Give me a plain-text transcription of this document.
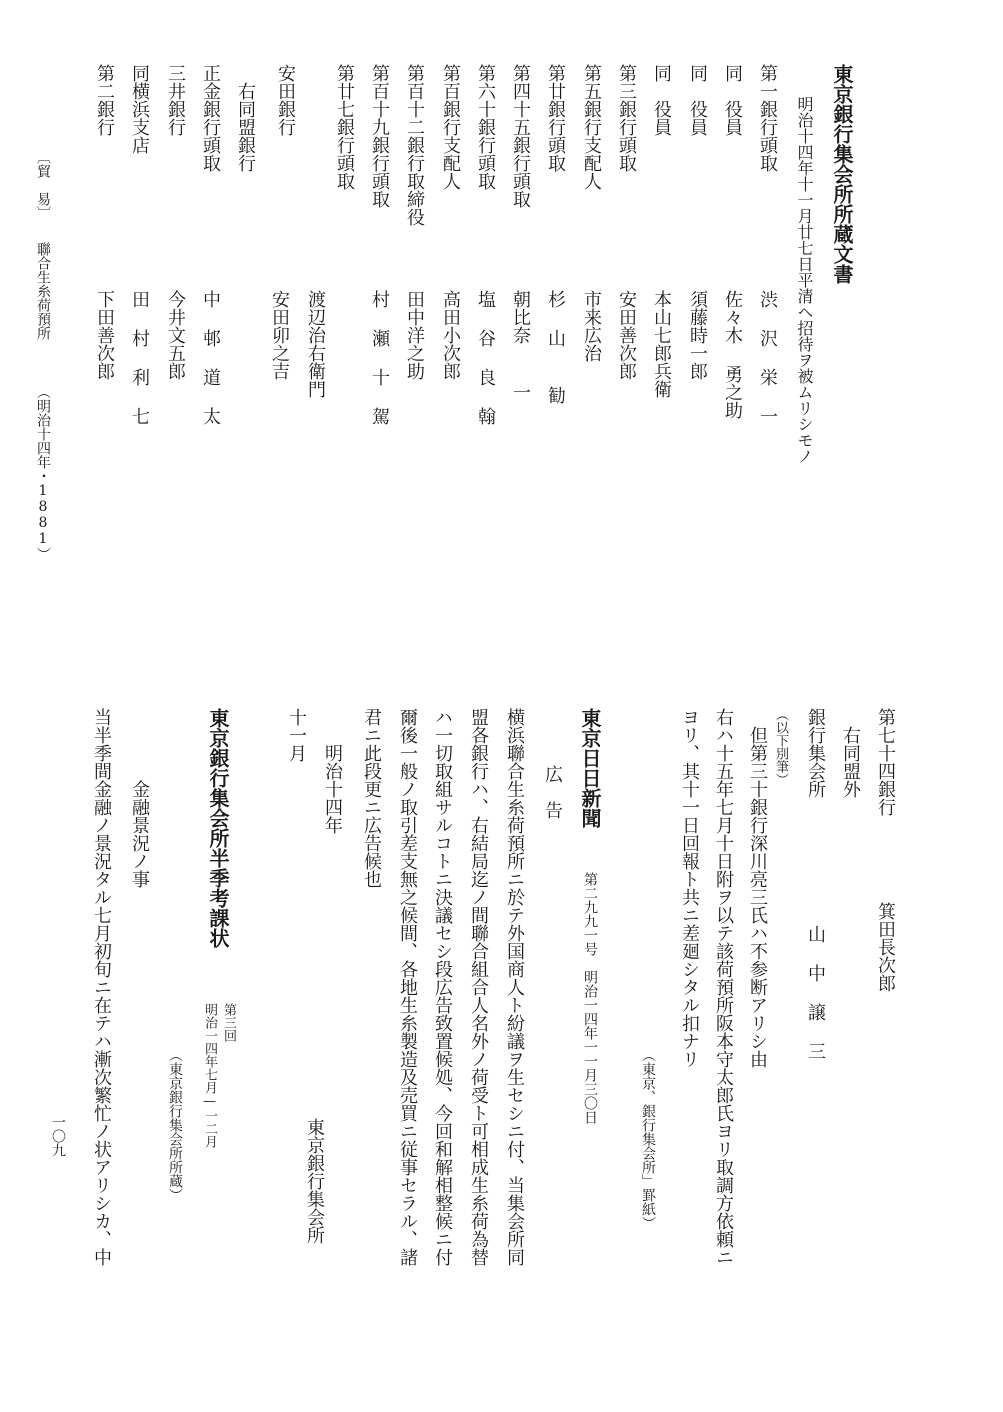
〔貿　易〕
聯合生糸荷預所
（明治十四年・1881）
一〇九
東京銀行集会所所蔵文書
明治十四年十一月廿七日平清ヘ招待ヲ被ムリシモノ
第一銀行頭取
同　役員
同　役員
同　役員
第三銀行頭取
第五銀行支配人
第廿銀行頭取
第四十五銀行頭取
第六十銀行頭取
第百銀行支配人
第百十二銀行取締役
第百十九銀行頭取
第廿七銀行頭取
安田銀行
　右同盟銀行
正金銀行頭取
三井銀行
同横浜支店
第二銀行
渋 沢 栄 一
佐々木 勇之助
須藤時一郎
本山七郎兵衛
安田善次郎
市来広治
杉 山 　勧
朝比奈 　一
塩 谷 良 翰
高田小次郎
田中洋之助
村 瀬 十 駕
渡辺治右衛門
安田卯之吉
中 邨 道 太
今井文五郎
田 村 利 七
下田善次郎
第七十四銀行
　右同盟外
箕田長次郎
銀行集会所
山 中 譲 三
（以下別筆）
　但第三十銀行深川亮三氏ハ不参断アリシ由
右ハ十五年七月十日附ヲ以テ該荷預所阪本守太郎氏ヨリ取調方依頼ニ
ヨリ、其十一日回報ト共ニ差廻シタル扣ナリ
（東京、銀行集会所」罫紙）
東京日日新聞
第二九九一号　明治一四年一一月三〇日
広　告
横浜聯合生糸荷預所ニ於テ外国商人ト紛議ヲ生セシニ付、当集会所同
盟各銀行ハ、右結局迄ノ間聯合組合人名外ノ荷受ト可相成生糸荷為替
ハ一切取組サルコトニ決議セシ段広告致置候処、今回和解相整候ニ付
爾後一般ノ取引差支無之候間、各地生糸製造及売買ニ従事セラル、諸
君ニ此段更ニ広告候也
明治十四年
十一月
東京銀行集会所
東京銀行集会所半季考課状
第三回
明治一四年七月—一二月
（東京銀行集会所所蔵）
金融景況ノ事
当半季間金融ノ景況タル七月初旬ニ在テハ漸次繁忙ノ状アリシカ、中
